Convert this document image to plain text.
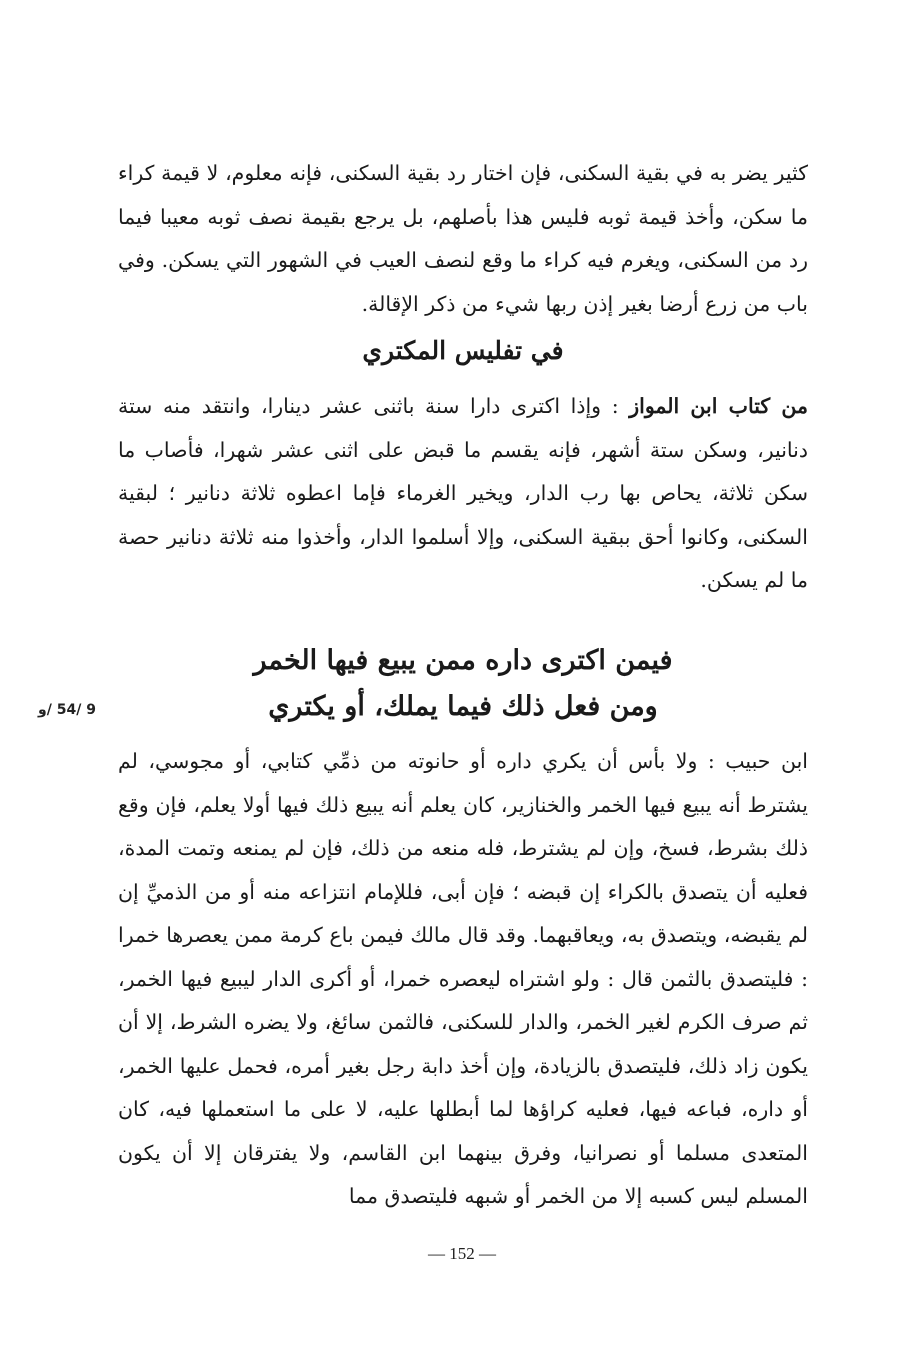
كثير يضر به في بقية السكنى، فإن اختار رد بقية السكنى، فإنه معلوم، لا قيمة كراء ما سكن، وأخذ قيمة ثوبه فليس هذا بأصلهم، بل يرجع بقيمة نصف ثوبه معيبا فيما رد من السكنى، ويغرم فيه كراء ما وقع لنصف العيب في الشهور التي يسكن. وفي باب من زرع أرضا بغير إذن ربها شيء من ذكر الإقالة.

في تفليس المكتري

من كتاب ابن المواز : وإذا اكترى دارا سنة باثنى عشر دينارا، وانتقد منه ستة دنانير، وسكن ستة أشهر، فإنه يقسم ما قبض على اثنى عشر شهرا، فأصاب ما سكن ثلاثة، يحاص بها رب الدار، ويخير الغرماء فإما اعطوه ثلاثة دنانير ؛ لبقية السكنى، وكانوا أحق ببقية السكنى، وإلا أسلموا الدار، وأخذوا منه ثلاثة دنانير حصة ما لم يسكن.

فيمن اكترى داره ممن يبيع فيها الخمر
ومن فعل ذلك فيما يملك، أو يكتري
9 /54 /و

ابن حبيب : ولا بأس أن يكري داره أو حانوته من ذمِّي كتابي، أو مجوسي، لم يشترط أنه يبيع فيها الخمر والخنازير، كان يعلم أنه يبيع ذلك فيها أولا يعلم، فإن وقع ذلك بشرط، فسخ، وإن لم يشترط، فله منعه من ذلك، فإن لم يمنعه وتمت المدة، فعليه أن يتصدق بالكراء إن قبضه ؛ فإن أبى، فللإمام انتزاعه منه أو من الذميِّ إن لم يقبضه، ويتصدق به، ويعاقبهما. وقد قال مالك فيمن باع كرمة ممن يعصرها خمرا : فليتصدق بالثمن قال : ولو اشتراه ليعصره خمرا، أو أكرى الدار ليبيع فيها الخمر، ثم صرف الكرم لغير الخمر، والدار للسكنى، فالثمن سائغ، ولا يضره الشرط، إلا أن يكون زاد ذلك، فليتصدق بالزيادة، وإن أخذ دابة رجل بغير أمره، فحمل عليها الخمر، أو داره، فباعه فيها، فعليه كراؤها لما أبطلها عليه، لا على ما استعملها فيه، كان المتعدى مسلما أو نصرانيا، وفرق بينهما ابن القاسم، ولا يفترقان إلا أن يكون المسلم ليس كسبه إلا من الخمر أو شبهه فليتصدق مما

— 152 —
